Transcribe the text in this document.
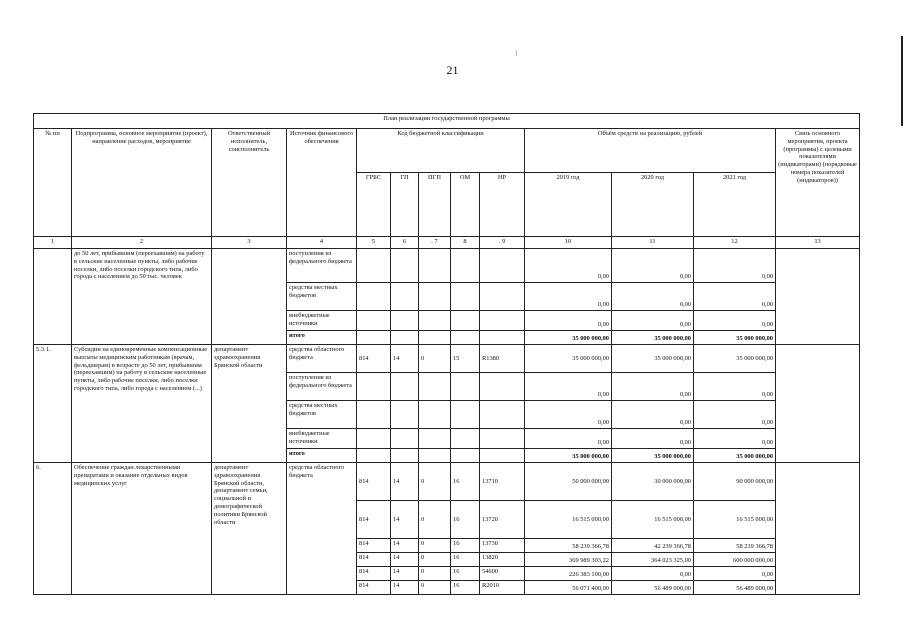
21
План реализации государственной программы												
№ пп	Подпрограмма, основное мероприятие (проект), направление расходов, мероприятие	Ответственный исполнитель, соисполнитель	Источник финансового обеспечения	Код бюджетной классификации					Объём средств на реализацию, рублей			Связь основного мероприятия, проекта (программы) с целевыми показателями (индикаторами) (порядковые номера показателей (индикаторов))
				ГРБС	ГП	ПГП	ОМ	НР	2019 год	2020 год	2021 год	
1	2	3	4	5	6	. 7	8	. 9	10	11	12	13
	до 50 лет, прибывшим (переехавшим) на работу в сельские населенные пункты, либо рабочие поселки, либо поселки городского типа, либо города с населением до 50 тыс. человек		поступления из федерального бюджета						0,00	0,00	0,00	
			средства местных бюджетов						0,00	0,00	0,00	
			внебюджетные источники						0,00	0,00	0,00	
			итого						35 000 000,00	35 000 000,00	35 000 000,00	
5.3.1.	Субсидии на единовременные компенсационные выплаты медицинским работникам (врачам, фельдшерам) в возрасте до 50 лет, прибывшим (переехавшим) на работу в сельские населенные пункты, либо рабочие поселки, либо поселки городского типа, либо города с населением (...)	департамент здравоохранения Брянской области	средства областного бюджета	814	14	0	15	R1380	35 000 000,00	35 000 000,00	35 000 000,00	
			поступления из федерального бюджета						0,00	0,00	0,00	
			средства местных бюджетов						0,00	0,00	0,00	
			внебюджетные источники						0,00	0,00	0,00	
			итого						35 000 000,00	35 000 000,00	35 000 000,00	
6.	Обеспечение граждан лекарственными препаратами и оказание отдельных видов медицинских услуг	департамент здравоохранения Брянской области, департамент семьи, социальной и демографической политики Брянской области	средства областного бюджета	814	14	0	16	13710	50 000 000,00	30 000 000,00	90 000 000,00	
				814	14	0	16	13720	16 515 000,00	16 515 000,00	16 515 000,00	
				814	14	0	16	13730	58 239 366,78	42 239 366,78	58 239 366,78	
				814	14	0	16	13820	369 989 303,22	364 023 325,00	600 000 000,00	
				814	14	0	16	54600	226 383 100,00	0,00	0,00	
				814	14	0	16	R2010	56 071 400,00	56 489 000,00	56 489 000,00	
